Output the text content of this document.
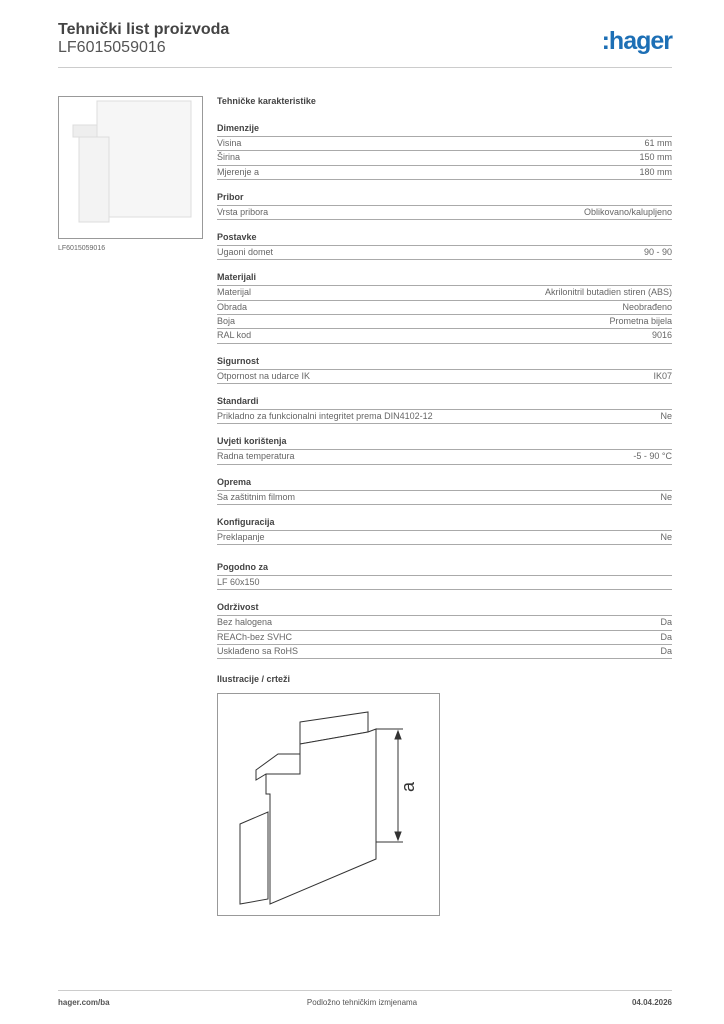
Tehnički list proizvoda
LF6015059016	:hager
LF6015059016
Tehničke karakteristike
Dimenzije
Visina	61 mm
Širina	150 mm
Mjerenje a	180 mm
Pribor
Vrsta pribora	Oblikovano/kalupljeno
Postavke
Ugaoni domet	90 - 90
Materijali
Materijal	Akrilonitril butadien stiren (ABS)
Obrada	Neobrađeno
Boja	Prometna bijela
RAL kod	9016
Sigurnost
Otpornost na udarce IK	IK07
Standardi
Prikladno za funkcionalni integritet prema DIN4102-12	Ne
Uvjeti korištenja
Radna temperatura	-5 - 90 °C
Oprema
Sa zaštitnim filmom	Ne
Konfiguracija
Preklapanje	Ne
Pogodno za
LF 60x150
Održivost
Bez halogena	Da
REACh-bez SVHC	Da
Usklađeno sa RoHS	Da
Ilustracije / crteži
a
hager.com/ba	Podložno tehničkim izmjenama	04.04.2026
